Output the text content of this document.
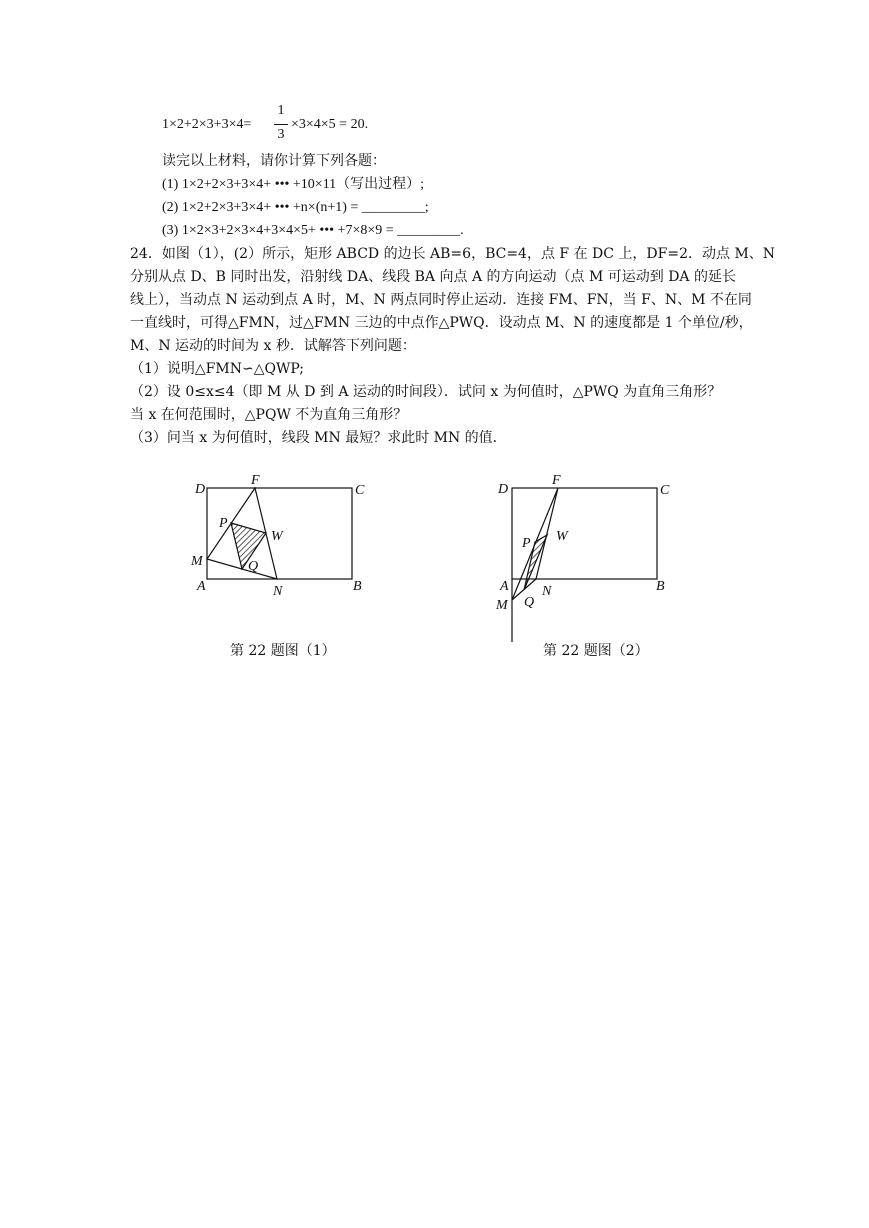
1×2+2×3+3×4=
1
3
×3×4×5 = 20.
读完以上材料，请你计算下列各题：
(1) 1×2+2×3+3×4+ ••• +10×11（写出过程）;
(2) 1×2+2×3+3×4+ ••• +n×(n+1) = _________;
(3) 1×2×3+2×3×4+3×4×5+ ••• +7×8×9 = _________.
24．如图（1），(2）所示，矩形 ABCD 的边长 AB=6，BC=4，点 F 在 DC 上，DF=2．动点 M、N
分别从点 D、B 同时出发，沿射线 DA、线段 BA 向点 A 的方向运动（点 M 可运动到 DA 的延长
线上），当动点 N 运动到点 A 时，M、N 两点同时停止运动．连接 FM、FN，当 F、N、M 不在同
一直线时，可得△FMN，过△FMN 三边的中点作△PWQ．设动点 M、N 的速度都是 1 个单位/秒，
M、N 运动的时间为 x 秒．试解答下列问题：
（1）说明△FMN∽△QWP;
（2）设 0≤x≤4（即 M 从 D 到 A 运动的时间段）．试问 x 为何值时，△PWQ 为直角三角形？
当 x 在何范围时，△PQW 不为直角三角形？
（3）问当 x 为何值时，线段 MN 最短？求此时 MN 的值．
D
F
C
P
W
M	Q
A	N	B
第 22 题图（1）
D
F
C
P W
A N	B
M Q
第 22 题图（2）
